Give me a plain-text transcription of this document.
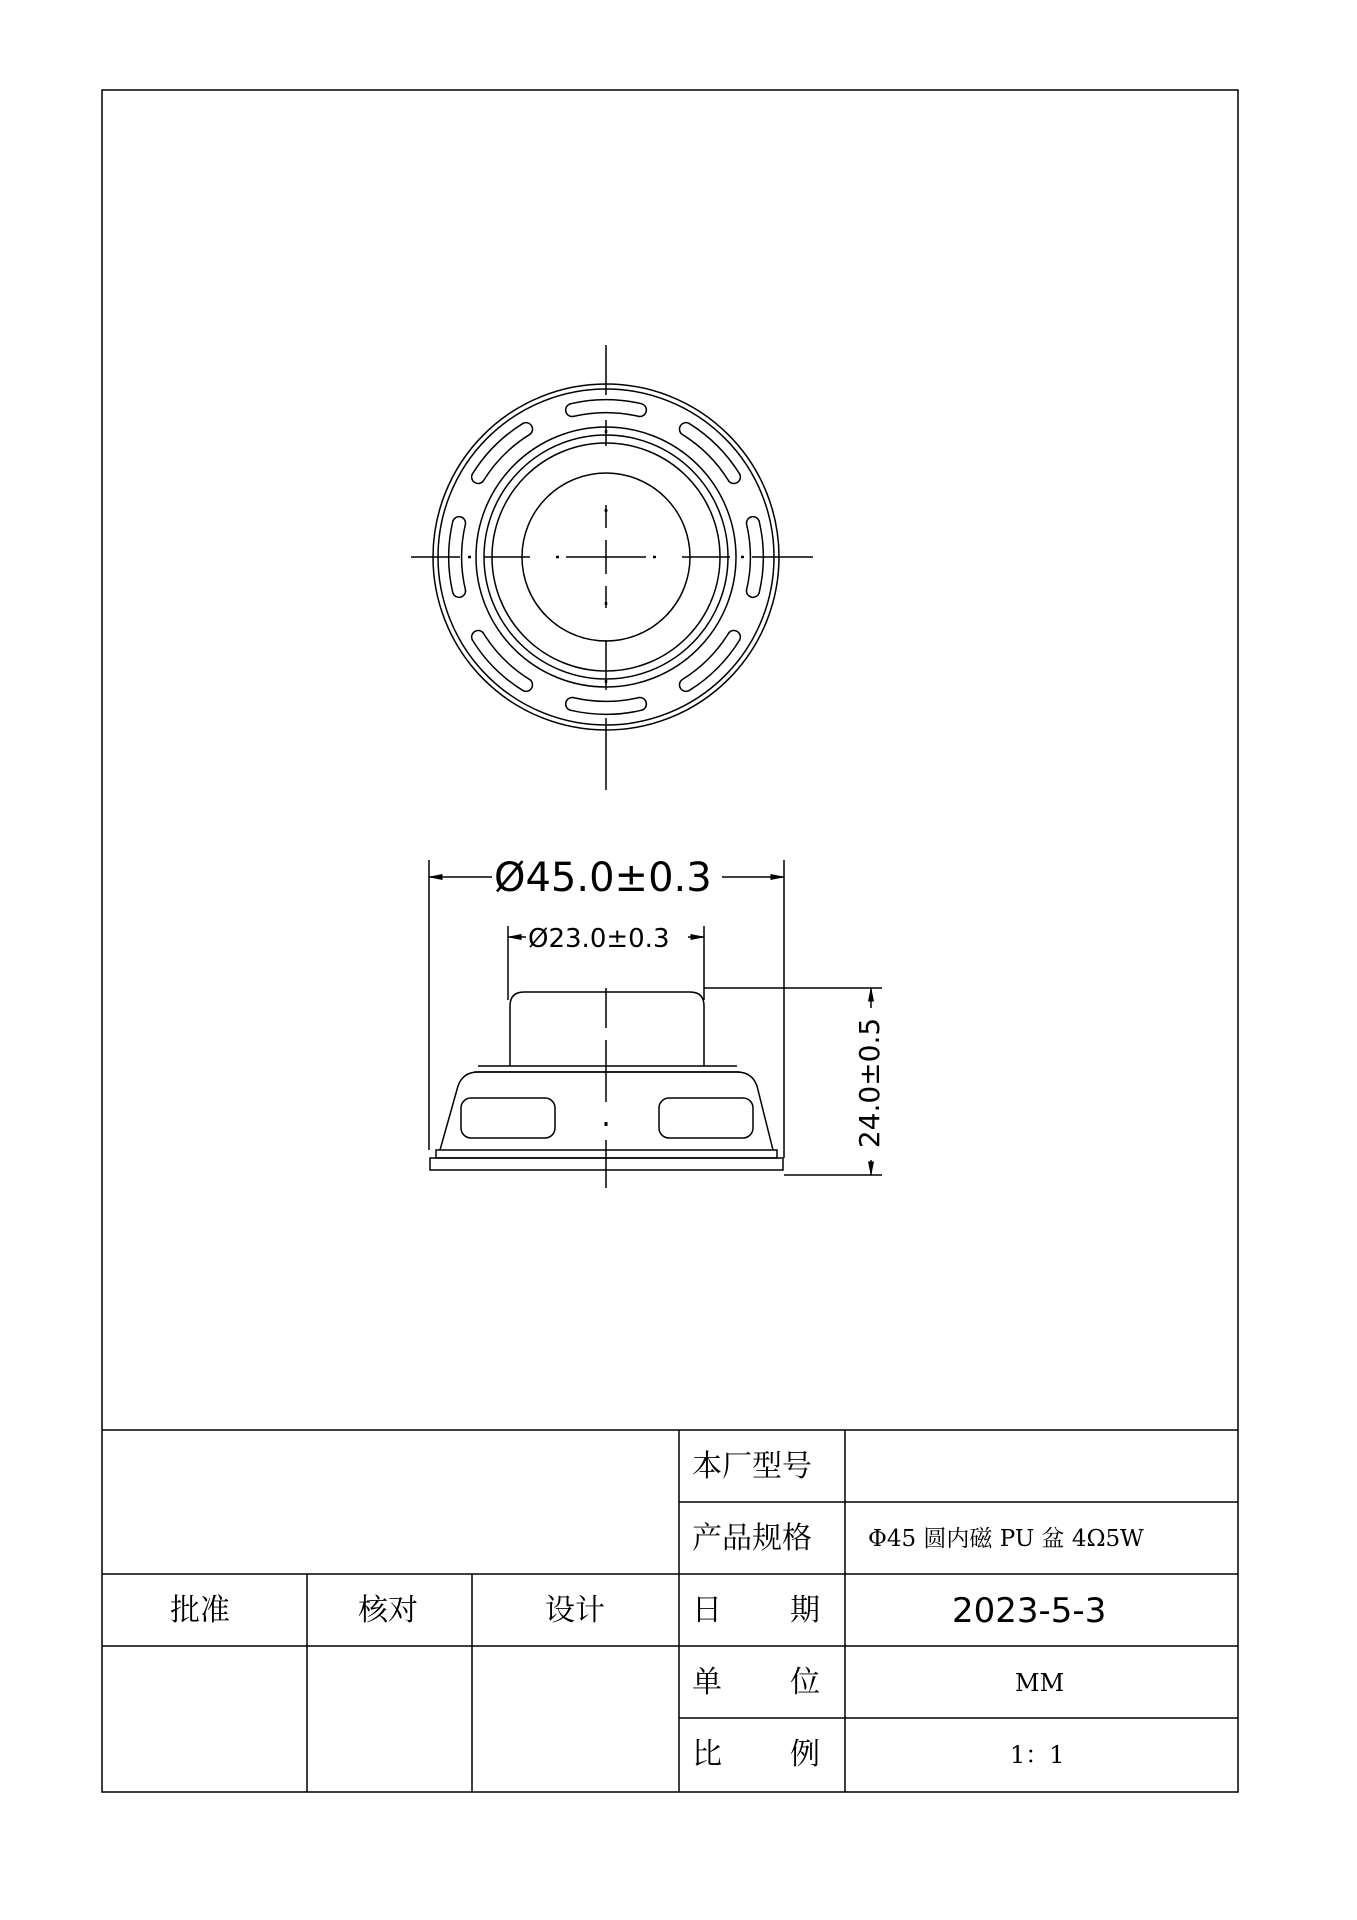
Ø45.0±0.3
Ø23.0±0.3
24.0±0.5
本厂型号
产品规格 Φ45 圆内磁 PU 盆 4Ω5W
批准	核对	设计	日 期	2023-5-3
单 位	MM
比 例	1：1
